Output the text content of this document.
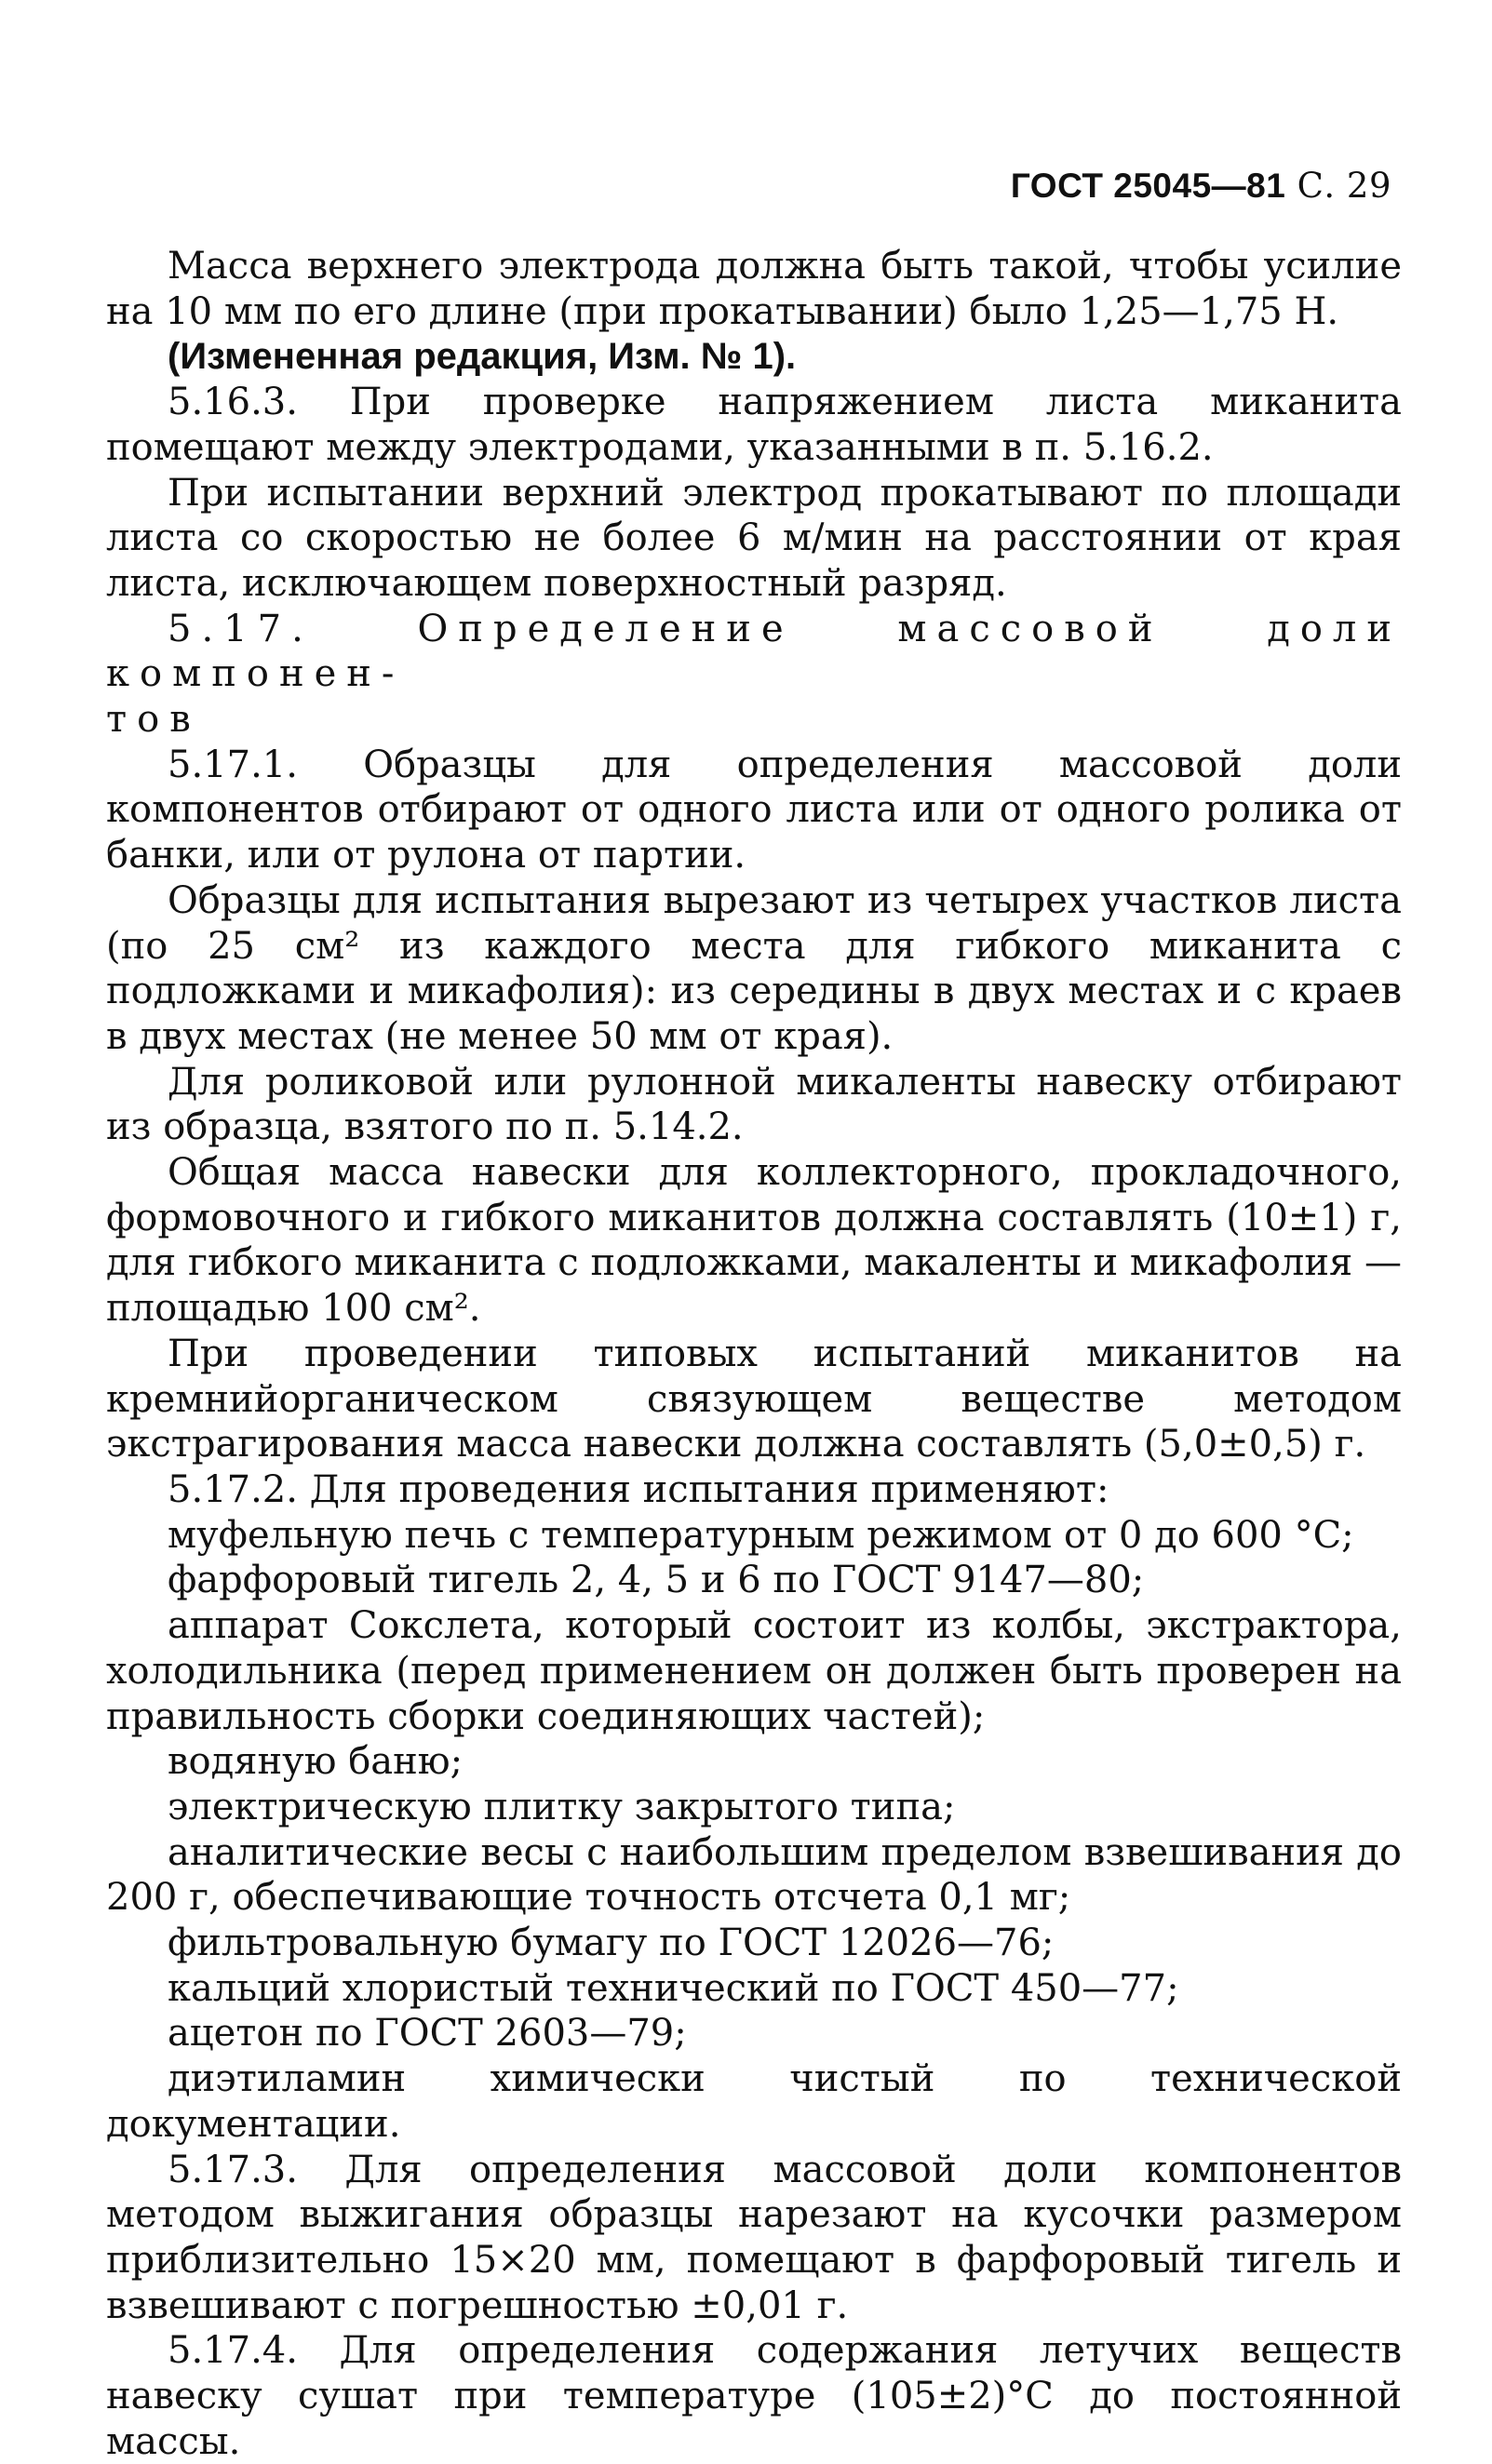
ГОСТ 25045—81 С. 29
Масса верхнего электрода должна быть такой, чтобы усилие на 10 мм по его длине (при прокатывании) было 1,25—1,75 Н.
(Измененная редакция, Изм. № 1).
5.16.3. При проверке напряжением листа миканита помещают между электродами, указанными в п. 5.16.2.
При испытании верхний электрод прокатывают по площади листа со скоростью не более 6 м/мин на расстоянии от края листа, исключающем поверхностный разряд.
5.17. Определение массовой доли компонен-
тов
5.17.1. Образцы для определения массовой доли компонентов отбирают от одного листа или от одного ролика от банки, или от рулона от партии.
Образцы для испытания вырезают из четырех участков листа (по 25 см² из каждого места для гибкого миканита с подложками и микафолия): из середины в двух местах и с краев в двух местах (не менее 50 мм от края).
Для роликовой или рулонной микаленты навеску отбирают из образца, взятого по п. 5.14.2.
Общая масса навески для коллекторного, прокладочного, формовочного и гибкого миканитов должна составлять (10±1) г, для гибкого миканита с подложками, макаленты и микафолия — площадью 100 см².
При проведении типовых испытаний миканитов на кремнийорганическом связующем веществе методом экстрагирования масса навески должна составлять (5,0±0,5) г.
5.17.2. Для проведения испытания применяют:
муфельную печь с температурным режимом от 0 до 600 °С;
фарфоровый тигель 2, 4, 5 и 6 по ГОСТ 9147—80;
аппарат Сокслета, который состоит из колбы, экстрактора, холодильника (перед применением он должен быть проверен на правильность сборки соединяющих частей);
водяную баню;
электрическую плитку закрытого типа;
аналитические весы с наибольшим пределом взвешивания до 200 г, обеспечивающие точность отсчета 0,1 мг;
фильтровальную бумагу по ГОСТ 12026—76;
кальций хлористый технический по ГОСТ 450—77;
ацетон по ГОСТ 2603—79;
диэтиламин химически чистый по технической документации.
5.17.3. Для определения массовой доли компонентов методом выжигания образцы нарезают на кусочки размером приблизительно 15×20 мм, помещают в фарфоровый тигель и взвешивают с погрешностью ±0,01 г.
5.17.4. Для определения содержания летучих веществ навеску сушат при температуре (105±2)°С до постоянной массы.
